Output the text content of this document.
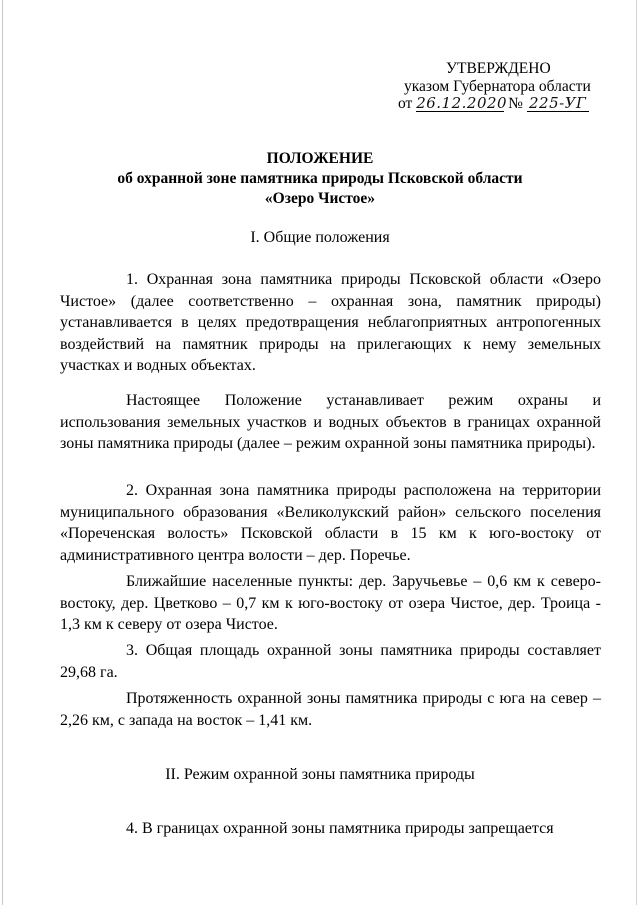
УТВЕРЖДЕНО
указом Губернатора области
от 26.12.2020 № 225-УГ
ПОЛОЖЕНИЕ
об охранной зоне памятника природы Псковской области
«Озеро Чистое»
I. Общие положения
1. Охранная зона памятника природы Псковской области «Озеро Чистое» (далее соответственно – охранная зона, памятник природы) устанавливается в целях предотвращения неблагоприятных антропогенных воздействий на памятник природы на прилегающих к нему земельных участках и водных объектах.
Настоящее Положение устанавливает режим охраны и использования земельных участков и водных объектов в границах охранной зоны памятника природы (далее – режим охранной зоны памятника природы).
2. Охранная зона памятника природы расположена на территории муниципального образования «Великолукский район» сельского поселения «Пореченская волость» Псковской области в 15 км к юго-востоку от административного центра волости – дер. Поречье.
Ближайшие населенные пункты: дер. Заручьевье – 0,6 км к северо-востоку, дер. Цветково – 0,7 км к юго-востоку от озера Чистое, дер. Троица - 1,3 км к северу от озера Чистое.
3. Общая площадь охранной зоны памятника природы составляет 29,68 га.
Протяженность охранной зоны памятника природы с юга на север – 2,26 км, с запада на восток – 1,41 км.
II. Режим охранной зоны памятника природы
4. В границах охранной зоны памятника природы запрещается
